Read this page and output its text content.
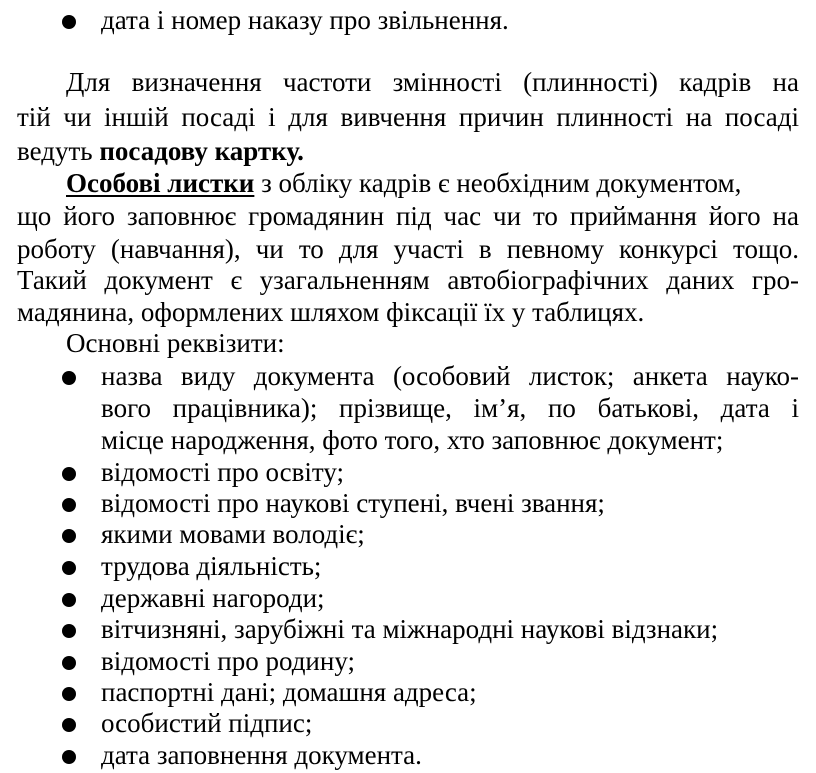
дата і номер наказу про звільнення.
Для визначення частоти змінності (плинності) кадрів на
тій чи іншій посаді і для вивчення причин плинності на посаді
ведуть посадову картку.
Особові листки з обліку кадрів є необхідним документом,
що його заповнює громадянин під час чи то приймання його на
роботу (навчання), чи то для участі в певному конкурсі тощо.
Такий документ є узагальненням автобіографічних даних гро-
мадянина, оформлених шляхом фіксації їх у таблицях.
Основні реквізити:
назва виду документа (особовий листок; анкета науко-
вого працівника); прізвище, ім’я, по батькові, дата і
місце народження, фото того, хто заповнює документ;
відомості про освіту;
відомості про наукові ступені, вчені звання;
якими мовами володіє;
трудова діяльність;
державні нагороди;
вітчизняні, зарубіжні та міжнародні наукові відзнаки;
відомості про родину;
паспортні дані; домашня адреса;
особистий підпис;
дата заповнення документа.
